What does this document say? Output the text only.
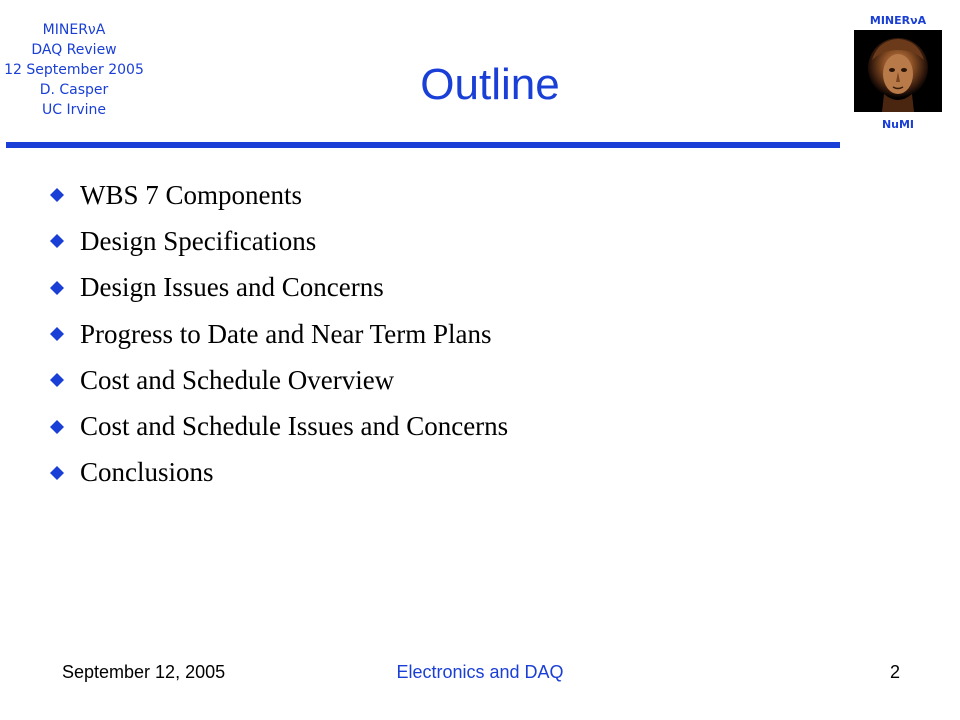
MINERνA
DAQ Review
12 September 2005
D. Casper
UC Irvine
MINERνA
NuMI
Outline
WBS 7 Components
Design Specifications
Design Issues and Concerns
Progress to Date and Near Term Plans
Cost and Schedule Overview
Cost and Schedule Issues and Concerns
Conclusions
September 12, 2005	Electronics and DAQ	2
